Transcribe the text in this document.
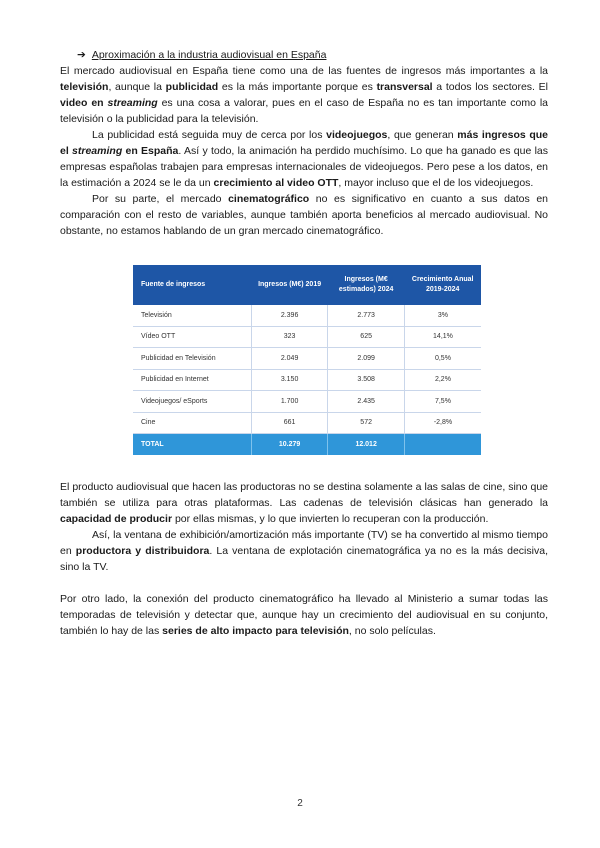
➔ Aproximación a la industria audiovisual en España

El mercado audiovisual en España tiene como una de las fuentes de ingresos más importantes a la televisión, aunque la publicidad es la más importante porque es transversal a todos los sectores. El video en streaming es una cosa a valorar, pues en el caso de España no es tan importante como la televisión o la publicidad para la televisión.

La publicidad está seguida muy de cerca por los videojuegos, que generan más ingresos que el streaming en España. Así y todo, la animación ha perdido muchísimo. Lo que ha ganado es que las empresas españolas trabajen para empresas internacionales de videojuegos. Pero pese a los datos, en la estimación a 2024 se le da un crecimiento al video OTT, mayor incluso que el de los videojuegos.

Por su parte, el mercado cinematográfico no es significativo en cuanto a sus datos en comparación con el resto de variables, aunque también aporta beneficios al mercado audiovisual. No obstante, no estamos hablando de un gran mercado cinematográfico.

Fuente de ingresos	Ingresos (M€) 2019	Ingresos (M€ estimados) 2024	Crecimiento Anual 2019-2024
Televisión	2.396	2.773	3%
Vídeo OTT	323	625	14,1%
Publicidad en Televisión	2.049	2.099	0,5%
Publicidad en Internet	3.150	3.508	2,2%
Videojuegos/ eSports	1.700	2.435	7,5%
Cine	661	572	-2,8%
TOTAL	10.279	12.012	

El producto audiovisual que hacen las productoras no se destina solamente a las salas de cine, sino que también se utiliza para otras plataformas. Las cadenas de televisión clásicas han generado la capacidad de producir por ellas mismas, y lo que invierten lo recuperan con la producción.

Así, la ventana de exhibición/amortización más importante (TV) se ha convertido al mismo tiempo en productora y distribuidora. La ventana de explotación cinematográfica ya no es la más decisiva, sino la TV.

Por otro lado, la conexión del producto cinematográfico ha llevado al Ministerio a sumar todas las temporadas de televisión y detectar que, aunque hay un crecimiento del audiovisual en su conjunto, también lo hay de las series de alto impacto para televisión, no solo películas.

2
